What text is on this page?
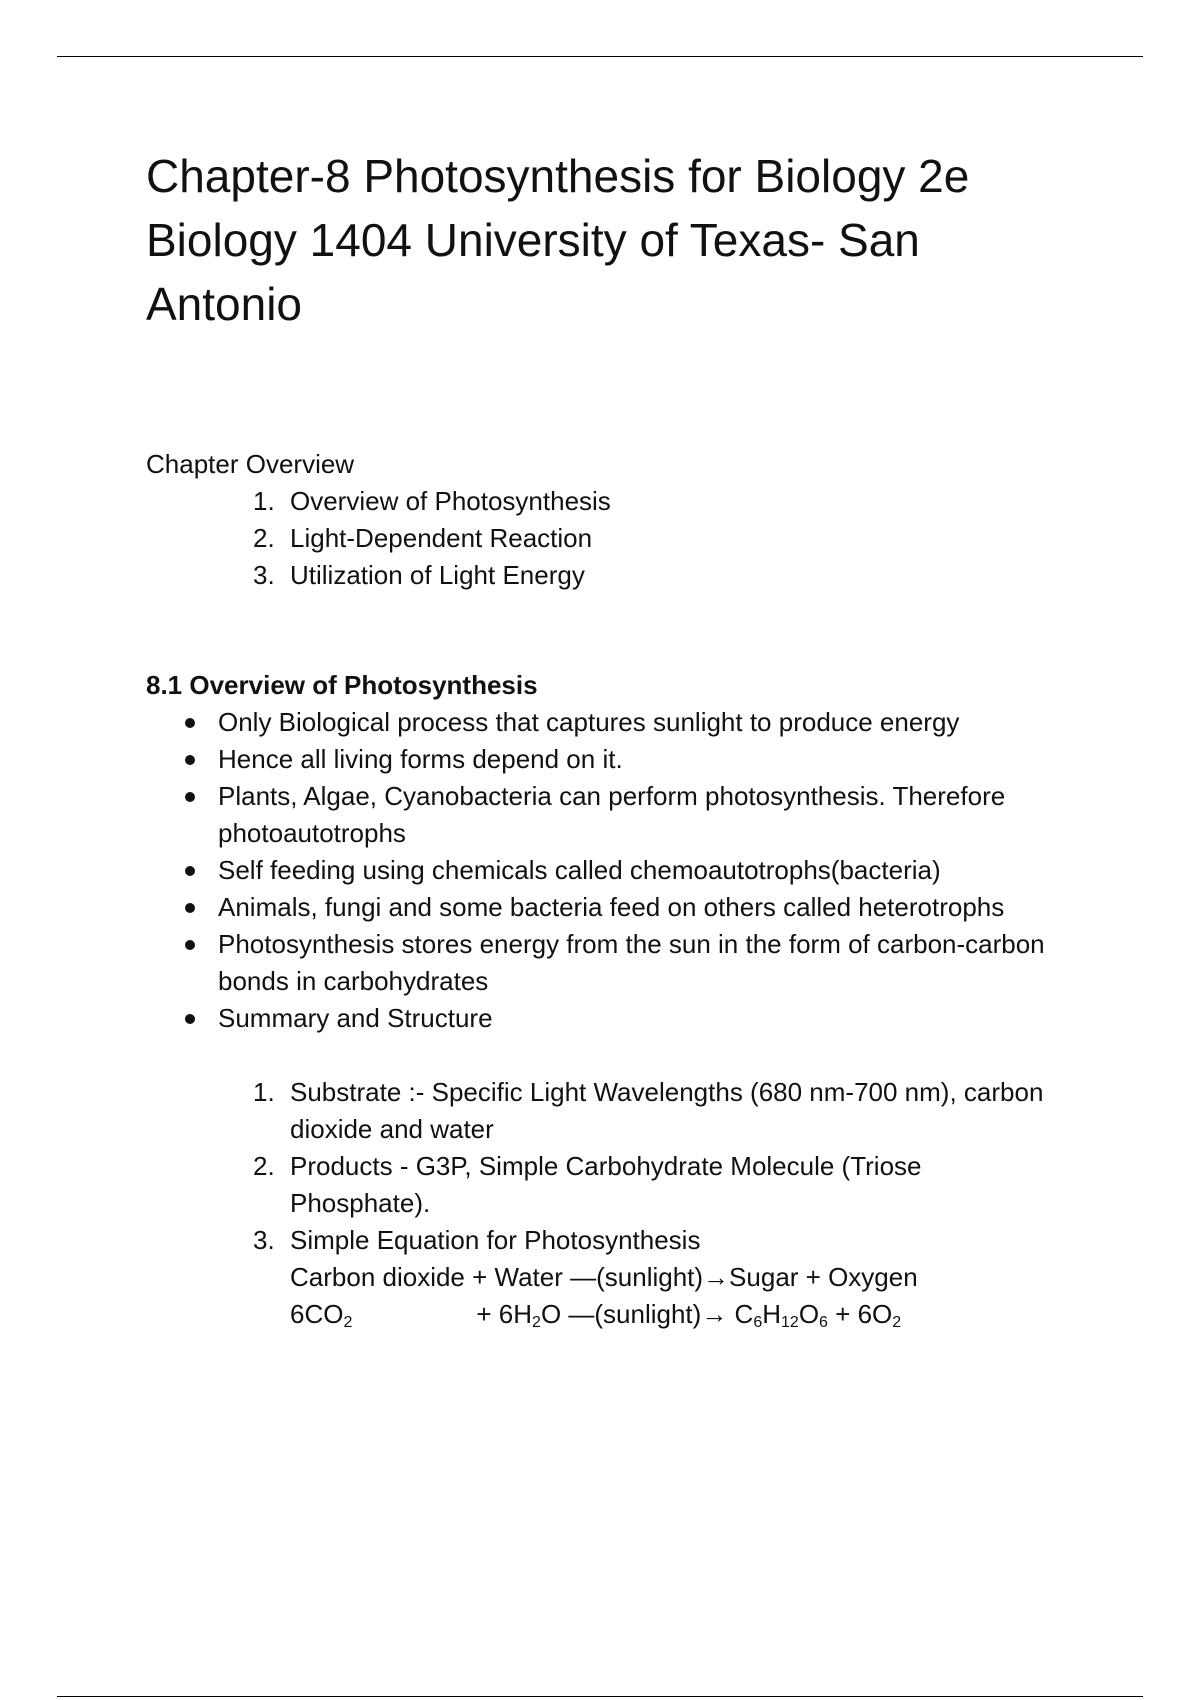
Chapter-8 Photosynthesis for Biology 2e Biology 1404 University of Texas- San Antonio
Chapter Overview
1. Overview of Photosynthesis
2. Light-Dependent Reaction
3. Utilization of Light Energy
8.1 Overview of Photosynthesis
Only Biological process that captures sunlight to produce energy
Hence all living forms depend on it.
Plants, Algae, Cyanobacteria can perform photosynthesis. Therefore photoautotrophs
Self feeding using chemicals called chemoautotrophs(bacteria)
Animals, fungi and some bacteria feed on others called heterotrophs
Photosynthesis stores energy from the sun in the form of carbon-carbon bonds in carbohydrates
Summary and Structure
1. Substrate :- Specific Light Wavelengths (680 nm-700 nm), carbon dioxide and water
2. Products - G3P, Simple Carbohydrate Molecule (Triose Phosphate).
3. Simple Equation for Photosynthesis
Carbon dioxide + Water —(sunlight)→Sugar + Oxygen
$6CO_2$	+ $6H_2O$ —(sunlight)→ $C_6H_{12}O_6 + 6O_2$
